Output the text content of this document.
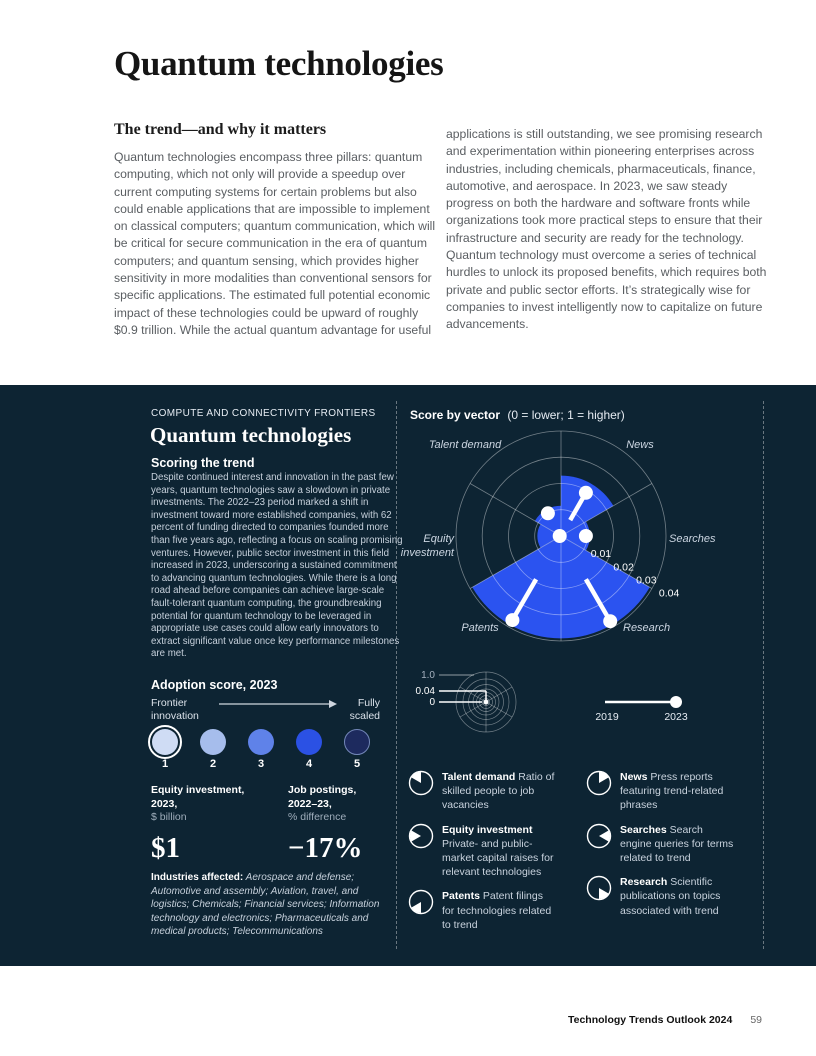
Quantum technologies
The trend—and why it matters

Quantum technologies encompass three pillars: quantum computing, which not only will provide a speedup over current computing systems for certain problems but also could enable applications that are impossible to implement on classical computers; quantum communication, which will be critical for secure communication in the era of quantum computers; and quantum sensing, which provides higher sensitivity in more modalities than conventional sensors for specific applications. The estimated full potential economic impact of these technologies could be upward of roughly $0.9 trillion. While the actual quantum advantage for useful

applications is still outstanding, we see promising research and experimentation within pioneering enterprises across industries, including chemicals, pharmaceuticals, finance, automotive, and aerospace. In 2023, we saw steady progress on both the hardware and software fronts while organizations took more practical steps to ensure that their infrastructure and security are ready for the technology. Quantum technology must overcome a series of technical hurdles to unlock its proposed benefits, which requires both private and public sector efforts. It’s strategically wise for companies to invest intelligently now to capitalize on future advancements.

COMPUTE AND CONNECTIVITY FRONTIERS
Quantum technologies
Scoring the trend

Despite continued interest and innovation in the past few years, quantum technologies saw a slowdown in private investments. The 2022–23 period marked a shift in investment toward more established companies, with 62 percent of funding directed to companies founded more than five years ago, reflecting a focus on scaling promising ventures. However, public sector investment in this field increased in 2023, underscoring a sustained commitment to advancing quantum technologies. While there is a long road ahead before companies can achieve large-scale fault-tolerant quantum computing, the groundbreaking potential for quantum technology to be leveraged in appropriate use cases could allow early innovators to extract significant value once key performance milestones are met.

Adoption score, 2023
Frontier innovation
Fully scaled
1	2	3	4	5
Equity investment, 2023,
$ billion
$1
Job postings, 2022–23,
% difference
−17%

Industries affected: Aerospace and defense; Automotive and assembly; Aviation, travel, and logistics; Chemicals; Financial services; Information technology and electronics; Pharmaceuticals and medical products; Telecommunications

Score by vector (0 = lower; 1 = higher)
0.01
0.02
0.03
0.04
Talent demand	News
Searches
Research
Patents
Equity
investment
1.0
0.04
0
2019	2023
Talent demand Ratio of skilled people to job vacancies
Equity investment Private- and public-market capital raises for relevant technologies
Patents Patent filings for technologies related to trend
News Press reports featuring trend-related phrases
Searches Search engine queries for terms related to trend
Research Scientific publications on topics associated with trend
Technology Trends Outlook 2024 59
